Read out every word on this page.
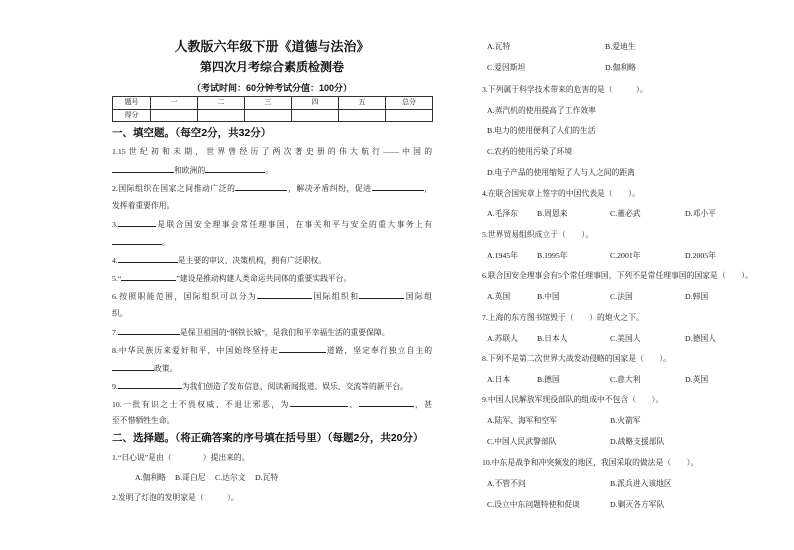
人教版六年级下册《道德与法治》
第四次月考综合素质检测卷
（考试时间：60分钟考试分值：100分）
题号	一	二	三	四	五	总分
得分						
一、填空题。（每空2分，共32分）
1.15世纪初和末期，世界曾经历了两次著史册的伟大航行——中国的
和欧洲的	。
2.国际组织在国家之间推动广泛的	，解决矛盾纠纷，促进	，
发挥着重要作用。
3.	是联合国安全理事会常任理事国，在事关和平与安全的重大事务上有
。
4.	是主要的审议、决策机构，拥有广泛职权。
5.“	”建设是推动构建人类命运共同体的重要实践平台。
6.按照职能范围，国际组织可以分为	国际组织和	国际组
织。
7.	是保卫祖国的“钢铁长城”，是我们和平幸福生活的重要保障。
8.中华民族历来爱好和平，中国始终坚持走	道路，坚定奉行独立自主的
政策。
9.	为我们创造了发布信息、阅读新闻报道、娱乐、交流等的新平台。
10.一批有识之士不畏权威、不退让邪恶，为	、	，甚
至不惜牺牲生命。
二、选择题。（将正确答案的序号填在括号里）（每题2分，共20分）
1.“日心说”是由（　　　　）提出来的。
A.伽利略 B.哥白尼 C.达尔文 D.瓦特
2.发明了灯泡的发明家是（　　　）。
A.瓦特	B.爱迪生
C.爱因斯坦	D.伽利略
3.下列属于科学技术带来的危害的是（　　　）。
A.蒸汽机的使用提高了工作效率
B.电力的使用便利了人们的生活
C.农药的使用污染了环境
D.电子产品的使用缩短了人与人之间的距离
4.在联合国宪章上签字的中国代表是（　　）。
A.毛泽东 B.周恩来	C.董必武	D.邓小平
5.世界贸易组织成立于（　　）。
A.1945年 B.1995年	C.2001年	D.2005年
6.联合国安全理事会有5个常任理事国，下列不是常任理事国的国家是（　　）。
A.英国	B.中国	C.法国	D.韩国
7.上海的东方图书馆毁于（　　）的炮火之下。
A.苏联人 B.日本人	C.美国人	D.德国人
8.下列不是第二次世界大战发动侵略的国家是（　　）。
A.日本	B.德国	C.意大利	D.英国
9.中国人民解放军现役部队的组成中不包含（　　）。
A.陆军、海军和空军	B.火箭军
C.中国人民武警部队	D.战略支援部队
10.中东是战争和冲突频发的地区，我国采取的做法是（　　）。
A.不管不问	B.派兵进入该地区
C.设立中东问题特使和促谈	D.剿灭各方军队
